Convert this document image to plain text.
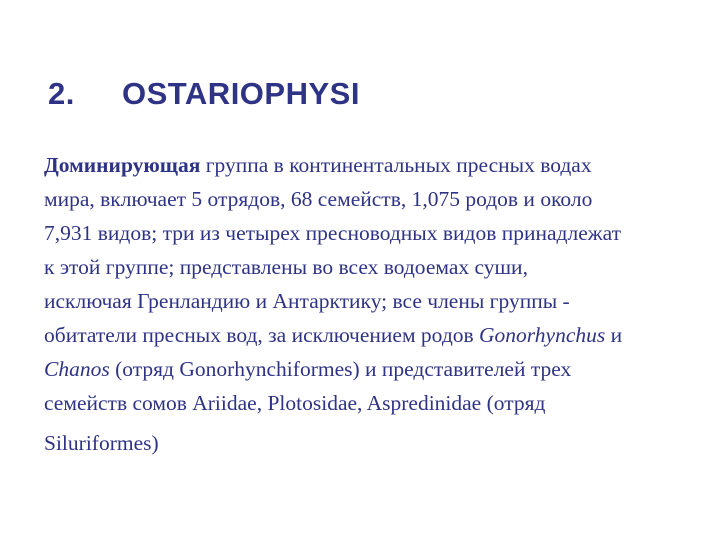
2. OSTARIOPHYSI
Доминирующая группа в континентальных пресных водах
мира, включает 5 отрядов, 68 семейств, 1,075 родов и около
7,931 видов; три из четырех пресноводных видов принадлежат
к этой группе; представлены во всех водоемах суши,
исключая Гренландию и Антарктику; все члены группы -
обитатели пресных вод, за исключением родов Gonorhynchus и
Chanos (отряд Gonorhynchiformes) и представителей трех
семейств сомов Ariidae, Plotosidae, Aspredinidae (отряд
Siluriformes)
